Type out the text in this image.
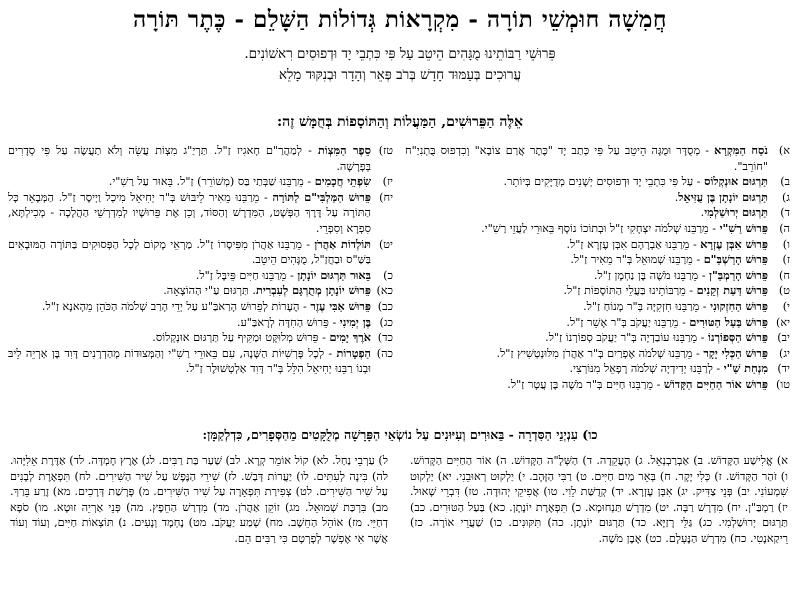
חֲמִשָׁה חוּמְשֵׁי תוֹרָה - מִקְרָאוֹת גְּדוֹלוֹת הַשָּׁלֵם - כֶּתֶר תּוֹרָה
פֵּרוּשֵׁי רַבּוֹתֵינוּ מֻגָּהִים הֵיטֵב עַל פִּי כִּתְבֵי יָד וּדְפוּסִים רִאשׁוֹנִים.
עֲרוּכִים בְּעַמּוּד חָדָשׁ בְּרֹב פְּאֵר וְהָדָר וּבְנִקּוּד מָלֵא
אֵלֶּה הַפֵּרוּשִׁים, הַמַּעֲלוֹת וְהַתּוֹסָפוֹת בְּחֻמָּשׁ זֶה:
א)
נֹסַח הַמִּקְרָא - מְסֻדָּר וּמֻגָּה הֵיטֵב עַל פִּי כְּתַב יָד "כֶּתֶר אֲרַם צוֹבָא" וְכִדְפוּס בֻּתְנִיַ"ח "חוֹרֵב".
ב)
תַּרְגּוּם אוּנְקְלוֹס - עַל פִּי כִּתְבֵי יָד וּדְפוּסִים יְשָׁנִים מְדֻיָּקִים בְּיוֹתֵר.
ג)
תַּרְגּוּם יוֹנָתָן בֶּן עֻזִּיאֵל.
ד)
תַּרְגּוּם יְרוּשַׁלְמִי.
ה)
פֵּרוּשׁ רַשִׁ"י - מֵרַבֵּנוּ שְׁלֹמֹה יִצְחָקִי זַ"ל וּבְתוֹכוֹ נוֹסָף בֵּאוּרֵי לַעֲזֵי רַשִׁ"י.
ו)
פֵּרוּשׁ אִבְּן עֶזְרָא - מֵרַבֵּנוּ אַבְרָהָם אִבְּן עֶזְרָא זַ"ל.
ז)
פֵּרוּשׁ הָרַשְׁבַּ"ם - מֵרַבֵּנוּ שְׁמוּאֵל בְּ"ר מֵאִיר זַ"ל.
ח)
פֵּרוּשׁ הָרַמְבַּ"ן - מֵרַבֵּנוּ מֹשֶׁה בֶּן נַחְמָן זַ"ל.
ט)
פֵּרוּשׁ דַּעַת זְקֵנִים - מֵרַבּוֹתֵינוּ בַּעֲלֵי הַתּוֹסָפוֹת זַ"ל.
י)
פֵּרוּשׁ הַחִזְקוּנִי - מֵרַבֵּנוּ חִזְקִיָּה בְּ"ר מָנוֹחַ זַ"ל.
יא)
פֵּרוּשׁ בַּעַל הַטּוּרִים - מֵרַבֵּנוּ יַעֲקֹב בְּ"ר אָשֵׁר זַ"ל.
יב)
פֵּרוּשׁ הַסְּפוֹרְנוֹ - מֵרַבֵּנוּ עוֹבַדְיָה בְּ"ר יַעֲקֹב סְפוֹרְנוֹ זַ"ל.
יג)
פֵּרוּשׁ הַכְּלִי יָקָר - מֵרַבֵּנוּ שְׁלֹמֹה אֶפְרַיִם בְּ"ר אַהֲרֹן מִלּוּנְטְשִׁיץ זַ"ל.
יד)
מִנְחַת שַׁ"י - לְרַבֵּנוּ יְדִידְיָה שְׁלֹמֹה רָפָאֵל מִנּוֹרְצִי.
טו)
פֵּרוּשׁ אוֹר הַחַיִּים הַקָּדוֹשׁ - מֵרַבֵּנוּ חַיִּים בְּ"ר מֹשֶׁה בֶּן עֲטָר זַ"ל.
טז)
סֵפֶר הַמִּצְוֹת - לְמַהֲרַ"ם חָאגִיז זַ"ל. תַּרְיַ"ג מִצְוֹת עֲשֵׂה וְלֹא תַעֲשֶׂה עַל פִּי סְדָרִים בְּפָרָשָׁה.
יז)
שִׂפְתֵי חֲכָמִים - מֵרַבֵּנוּ שַׁבְּתַי בַּס (מְשׁוֹרֵר) זַ"ל. בֵּאוּר עַל רַשִׁ"י.
יח)
פֵּרוּשׁ הַמַּלְבִּי"ם לַתּוֹרָה - מֵרַבֵּנוּ מֵאִיר לֵיבּוּשׁ בְּ"ר יְחִיאֵל מִיכְל וַיְיסֶר זַ"ל. הַמְּבָאֵר כָּל הַתּוֹרָה עַל דֶּרֶךְ הַפְּשָׁט, הַמִּדְרָשׁ וְהַסּוֹד, וְכֵן אֶת פֵּרוּשָׁיו לְמִדְרְשֵׁי הַהֲלָכָה - מְכִילְתָּא, סִפְרָא וְסִפְרֵי.
יט)
תּוֹלְדוֹת אַהֲרֹן - מֵרַבֵּנוּ אַהֲרֹן מִפִּיסָרוֹ זַ"ל. מַרְאֵי מָקוֹם לְכָל הַפְּסוּקִים בַּתּוֹרָה הַמּוּבָאִים בַּשַּׁ"ס וּבַחֲזַ"ל, מֻגָּהִים הֵיטֵב.
כ)
בֵּאוּר תַּרְגּוּם יוֹנָתָן - מֵרַבֵּנוּ חַיִּים פֵּיבֶּל זַ"ל.
כא)
פֵּרוּשׁ יוֹנָתָן מְתֻרְגָּם לְעִבְרִית. תַּרְגּוּם עַ"י הַהוֹצָאָה.
כב)
פֵּרוּשׁ אַבִּי עֶזֶר - הֶעָרוֹת לְפֵרוּשׁ הָרַאבַּ"ע עַל יְדֵי הָרַב שְׁלֹמֹה הַכֹּהֵן מֵהָאנָא זַ"ל.
כג)
בֶּן יְמִינִי - פֵּרוּשׁ הַחִדָּה לְרָאבַּ"ע.
כד)
אֹרֶךְ יָמִים - פֵּרוּשׁ מְלוּקָּט וּמַקִּיף עַל תַּרְגּוּם אוּנְקְלוֹס.
כה)
הַפְטָרוֹת - לְכָל פָּרְשִׁיּוֹת הַשָּׁנָה, עִם בֵּאוּרֵי רַשִׁ"י וְהַמְּצוּדוֹת מְהַדְרָנִים דָּוִד בֶּן אַרְיֵה לֵיבּ וּבְנוֹ רַבֵּנוּ יְחִיאֵל הִלֵּל בְּ"ר דָּוִד אַלְטְשׁוּלֶר זַ"ל.
כו) עִנְיְנֵי הַסִּדְרָה - בֵּאוּרִים וְעִיּוּנִים עַל נוֹשְׂאֵי הַפָּרָשָׁה מְלֻקָּטִים מֵהַסְּפָרִים, כִּדְלְקַמָּן:
א) אֱלִישַׁע הַקָּדוֹשׁ. ב) אַבְרַבְנְאֵל. ג) הָעֲקֵדָה. ד) הַשְּׁלָ"ה הַקָּדוֹשׁ. ה) אוֹר הַחַיִּים הַקָּדוֹשׁ. ו) זֹהַר הַקָּדוֹשׁ. ז) כְּלִי יָקָר. ח) בְּאֵר מַיִם חַיִּים. ט) רַבִּי הַזָּהָב. י) יַלְקוּט רְאוּבֵנִי. יא) יַלְקוּט שִׁמְעוֹנִי. יב) פְּנֵי צַדִּיק. יג) אִבְּן עֶזְרָא. יד) קְדֻשַּׁת לֵוִי. טו) אֲפִיקֵי יְהוּדָה. טז) דִּבְרֵי שָׁאוּל. יז) רַמְבַּ"ן. יח) מִדְרָשׁ רַבָּה. יט) מִדְרָשׁ תַּנְחוּמָא. כ) תִּפְאֶרֶת יוֹנָתָן. כא) בַּעַל הַטּוּרִים. כב) תַּרְגּוּם יְרוּשַׁלְמִי. כג) גַּלֵּי רָזַיָּא. כד) תַּרְגּוּם יוֹנָתָן. כה) תִּקּוּנִים. כו) שַׁעֲרֵי אוֹרָה. כז) רֵיקַאנָטִי. כח) מִדְרָשׁ הַנֶּעְלָם. כט) אֶבֶן מֹשֶׁה.
ל) עַרְבֵי נַחַל. לא) קוֹל אוֹמֵר קְרָא. לב) שַׁעַר בַּת רַבִּים. לג) אֶרֶץ חֶמְדָּה. לד) אַדֶּרֶת אֵלִיָּהוּ. לה) בִּינָה לְעִתִּים. לו) יַעֲרוֹת דְּבַשׁ. לז) שִׁירֵי הַנֶּפֶשׁ עַל שִׁיר הַשִּׁירִים. לח) תִּפְאֶרֶת לְבָנִים עַל שִׁיר הַשִּׁירִים. לט) צְפִירַת תִּפְאָרָה עַל שִׁיר הַשִּׁירִים. מ) פָּרָשַׁת דְּרָכִים. מא) זֶרַע בֵּרַךְ. מב) בִּרְכַּת שְׁמוּאֵל. מג) זוֹקֵן אַהֲרֹן. מד) מִדְרַשׁ הַחֵפֶץ. מה) פְּנֵי אַרְיֵה זוּטָא. מו) סֹפָא דְחַיֵּי. מז) אוֹהֵל הַחֵשֶׁב. מח) שְׁמַע יַעֲקֹב. מט) נֶחְמָד וְנָעִים. נ) תּוֹצְאוֹת חַיִּים, וְעוֹד וְעוֹד אֲשֶׁר אִי אֶפְשָׁר לְפָרְטָם כִּי רַבִּים הֵם.
